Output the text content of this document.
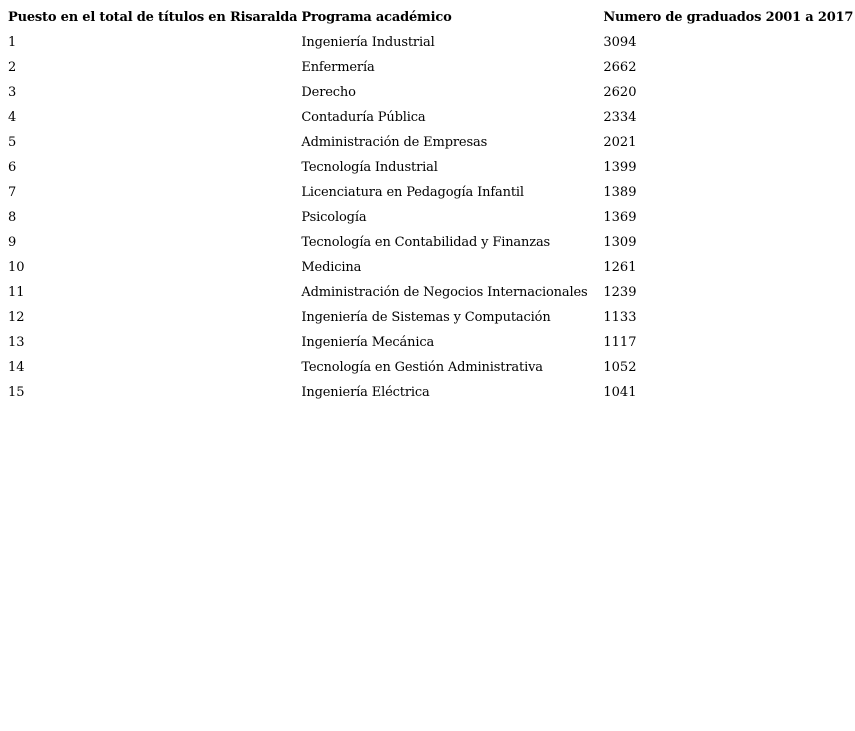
Puesto en el total de títulos en Risaralda	Programa académico	Numero de graduados 2001 a 2017
1	Ingeniería Industrial	3094
2	Enfermería	2662
3	Derecho	2620
4	Contaduría Pública	2334
5	Administración de Empresas	2021
6	Tecnología Industrial	1399
7	Licenciatura en Pedagogía Infantil	1389
8	Psicología	1369
9	Tecnología en Contabilidad y Finanzas	1309
10	Medicina	1261
11	Administración de Negocios Internacionales	1239
12	Ingeniería de Sistemas y Computación	1133
13	Ingeniería Mecánica	1117
14	Tecnología en Gestión Administrativa	1052
15	Ingeniería Eléctrica	1041
